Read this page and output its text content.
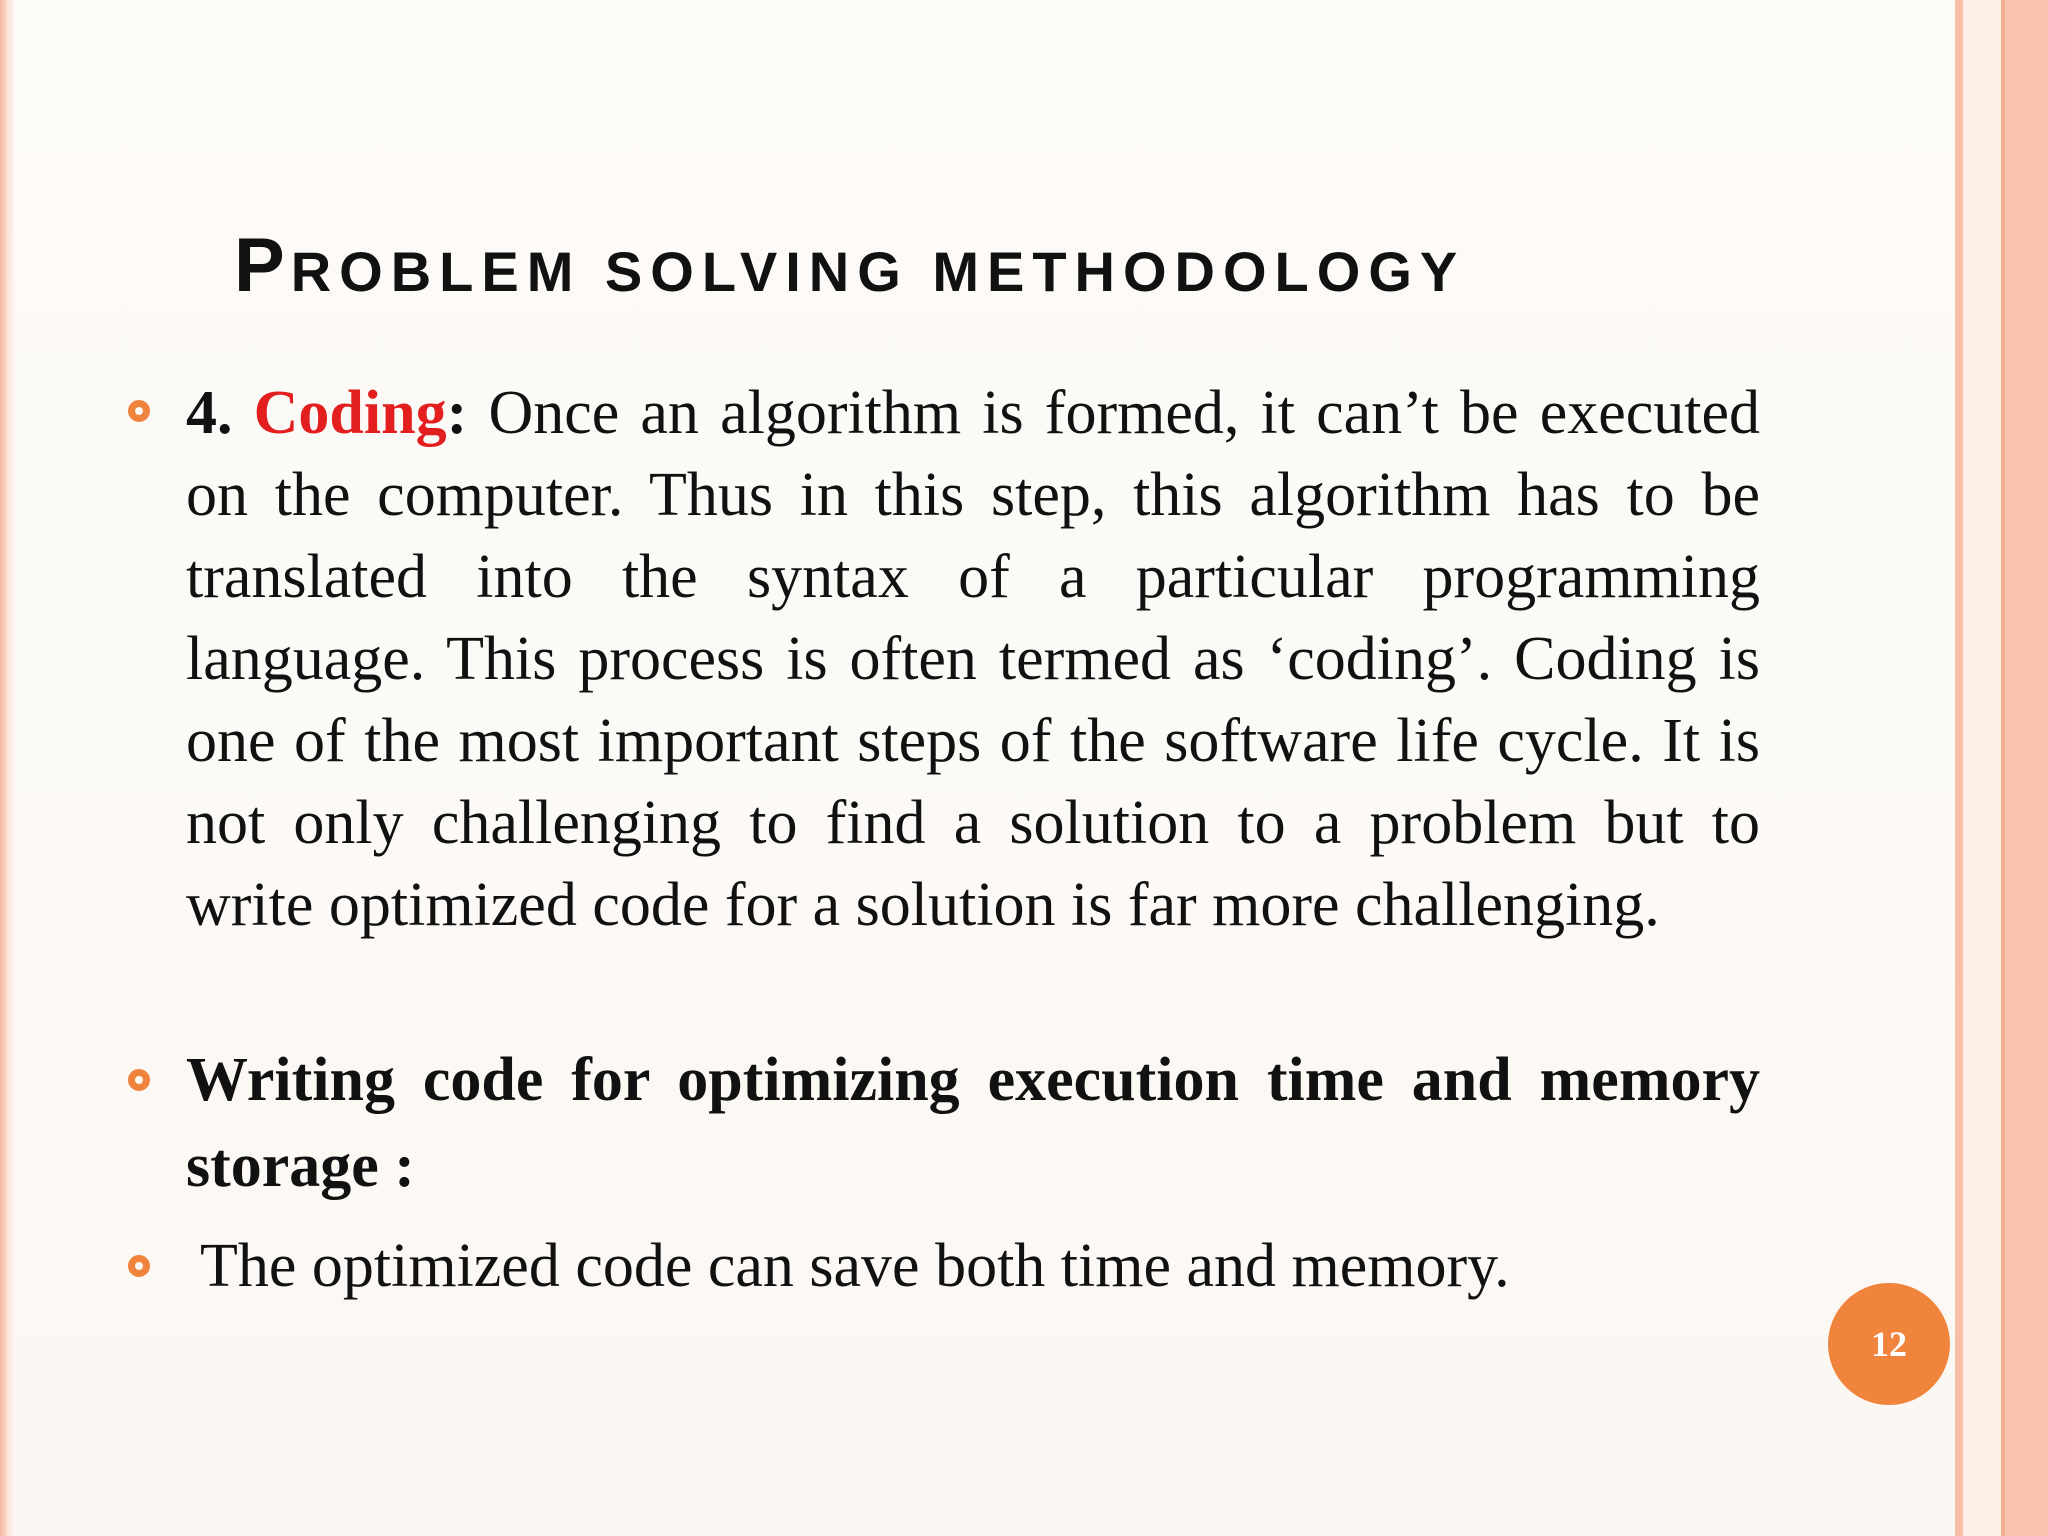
PROBLEM SOLVING METHODOLOGY
4. Coding: Once an algorithm is formed, it can’t be executed on the computer. Thus in this step, this algorithm has to be translated into the syntax of a particular programming language. This process is often termed as ‘coding’. Coding is one of the most important steps of the software life cycle. It is not only challenging to find a solution to a problem but to write optimized code for a solution is far more challenging.
Writing code for optimizing execution time and memory storage :
The optimized code can save both time and memory.
12
